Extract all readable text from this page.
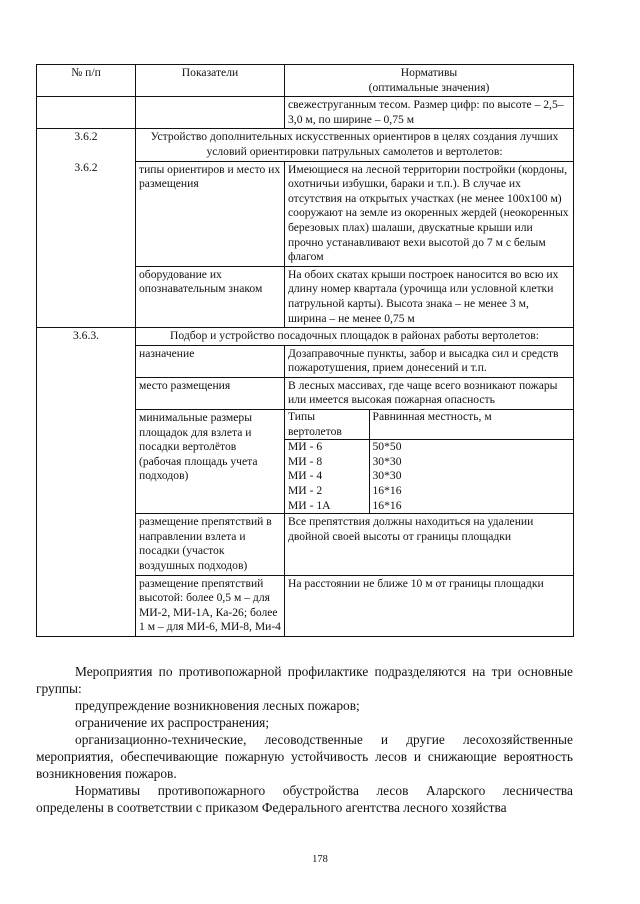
№ п/п	Показатели	Нормативы
(оптимальные значения)

		свежеструганным тесом. Размер цифр: по высоте – 2,5–3,0 м, по ширине – 0,75 м

3.6.2
3.6.2
	Устройство дополнительных искусственных ориентиров в целях создания лучших условий ориентировки патрульных самолетов и вертолетов:
типы ориентиров и место их размещения	Имеющиеся на лесной территории постройки (кордоны, охотничьи избушки, бараки и т.п.). В случае их отсутствия на открытых участках (не менее 100х100 м) сооружают на земле из окоренных жердей (неокоренных березовых плах) шалаши, двускатные крыши или прочно устанавливают вехи высотой до 7 м с белым флагом
оборудование их опознавательным знаком	На обоих скатах крыши построек наносится во всю их длину номер квартала (урочища или условной клетки патрульной карты). Высота знака – не менее 3 м, ширина – не менее 0,75 м
3.6.3.	Подбор и устройство посадочных площадок в районах работы вертолетов:
назначение	Дозаправочные пункты, забор и высадка сил и средств пожаротушения, прием донесений и т.п.
место размещения	В лесных массивах, где чаще всего возникают пожары или имеется высокая пожарная опасность
минимальные размеры площадок для взлета и посадки вертолётов (рабочая площадь учета подходов)	
Типы вертолетов	Равнинная местность, м
МИ - 6	50*50
МИ - 8	30*30
МИ - 4	30*30
МИ - 2	16*16
МИ - 1А	16*16

размещение препятствий в направлении взлета и посадки (участок воздушных подходов)	Все препятствия должны находиться на удалении двойной своей высоты от границы площадки
размещение препятствий высотой: более 0,5 м – для МИ-2, МИ-1А, Ка-26; более 1 м – для МИ-6, МИ-8, Ми-4	На расстоянии не ближе 10 м от границы площадки

Мероприятия по противопожарной профилактике подразделяются на три основные группы:

предупреждение возникновения лесных пожаров;

ограничение их распространения;

организационно-технические, лесоводственные и другие лесохозяйственные мероприятия, обеспечивающие пожарную устойчивость лесов и снижающие вероятность возникновения пожаров.

Нормативы противопожарного обустройства лесов Аларского лесничества определены в соответствии с приказом Федерального агентства лесного хозяйства

178
